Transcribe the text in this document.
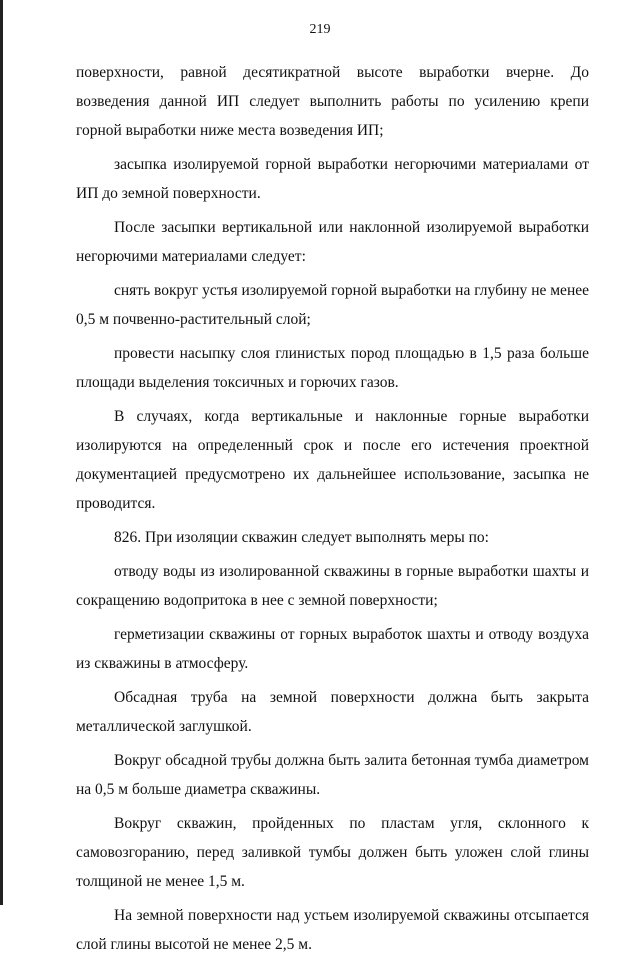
219

поверхности, равной десятикратной высоте выработки вчерне. До возведения данной ИП следует выполнить работы по усилению крепи горной выработки ниже места возведения ИП;

засыпка изолируемой горной выработки негорючими материалами от ИП до земной поверхности.

После засыпки вертикальной или наклонной изолируемой выработки негорючими материалами следует:

снять вокруг устья изолируемой горной выработки на глубину не менее 0,5 м почвенно-растительный слой;

провести насыпку слоя глинистых пород площадью в 1,5 раза больше площади выделения токсичных и горючих газов.

В случаях, когда вертикальные и наклонные горные выработки изолируются на определенный срок и после его истечения проектной документацией предусмотрено их дальнейшее использование, засыпка не проводится.

826. При изоляции скважин следует выполнять меры по:

отводу воды из изолированной скважины в горные выработки шахты и сокращению водопритока в нее с земной поверхности;

герметизации скважины от горных выработок шахты и отводу воздуха из скважины в атмосферу.

Обсадная труба на земной поверхности должна быть закрыта металлической заглушкой.

Вокруг обсадной трубы должна быть залита бетонная тумба диаметром на 0,5 м больше диаметра скважины.

Вокруг скважин, пройденных по пластам угля, склонного к самовозгоранию, перед заливкой тумбы должен быть уложен слой глины толщиной не менее 1,5 м.

На земной поверхности над устьем изолируемой скважины отсыпается слой глины высотой не менее 2,5 м.
